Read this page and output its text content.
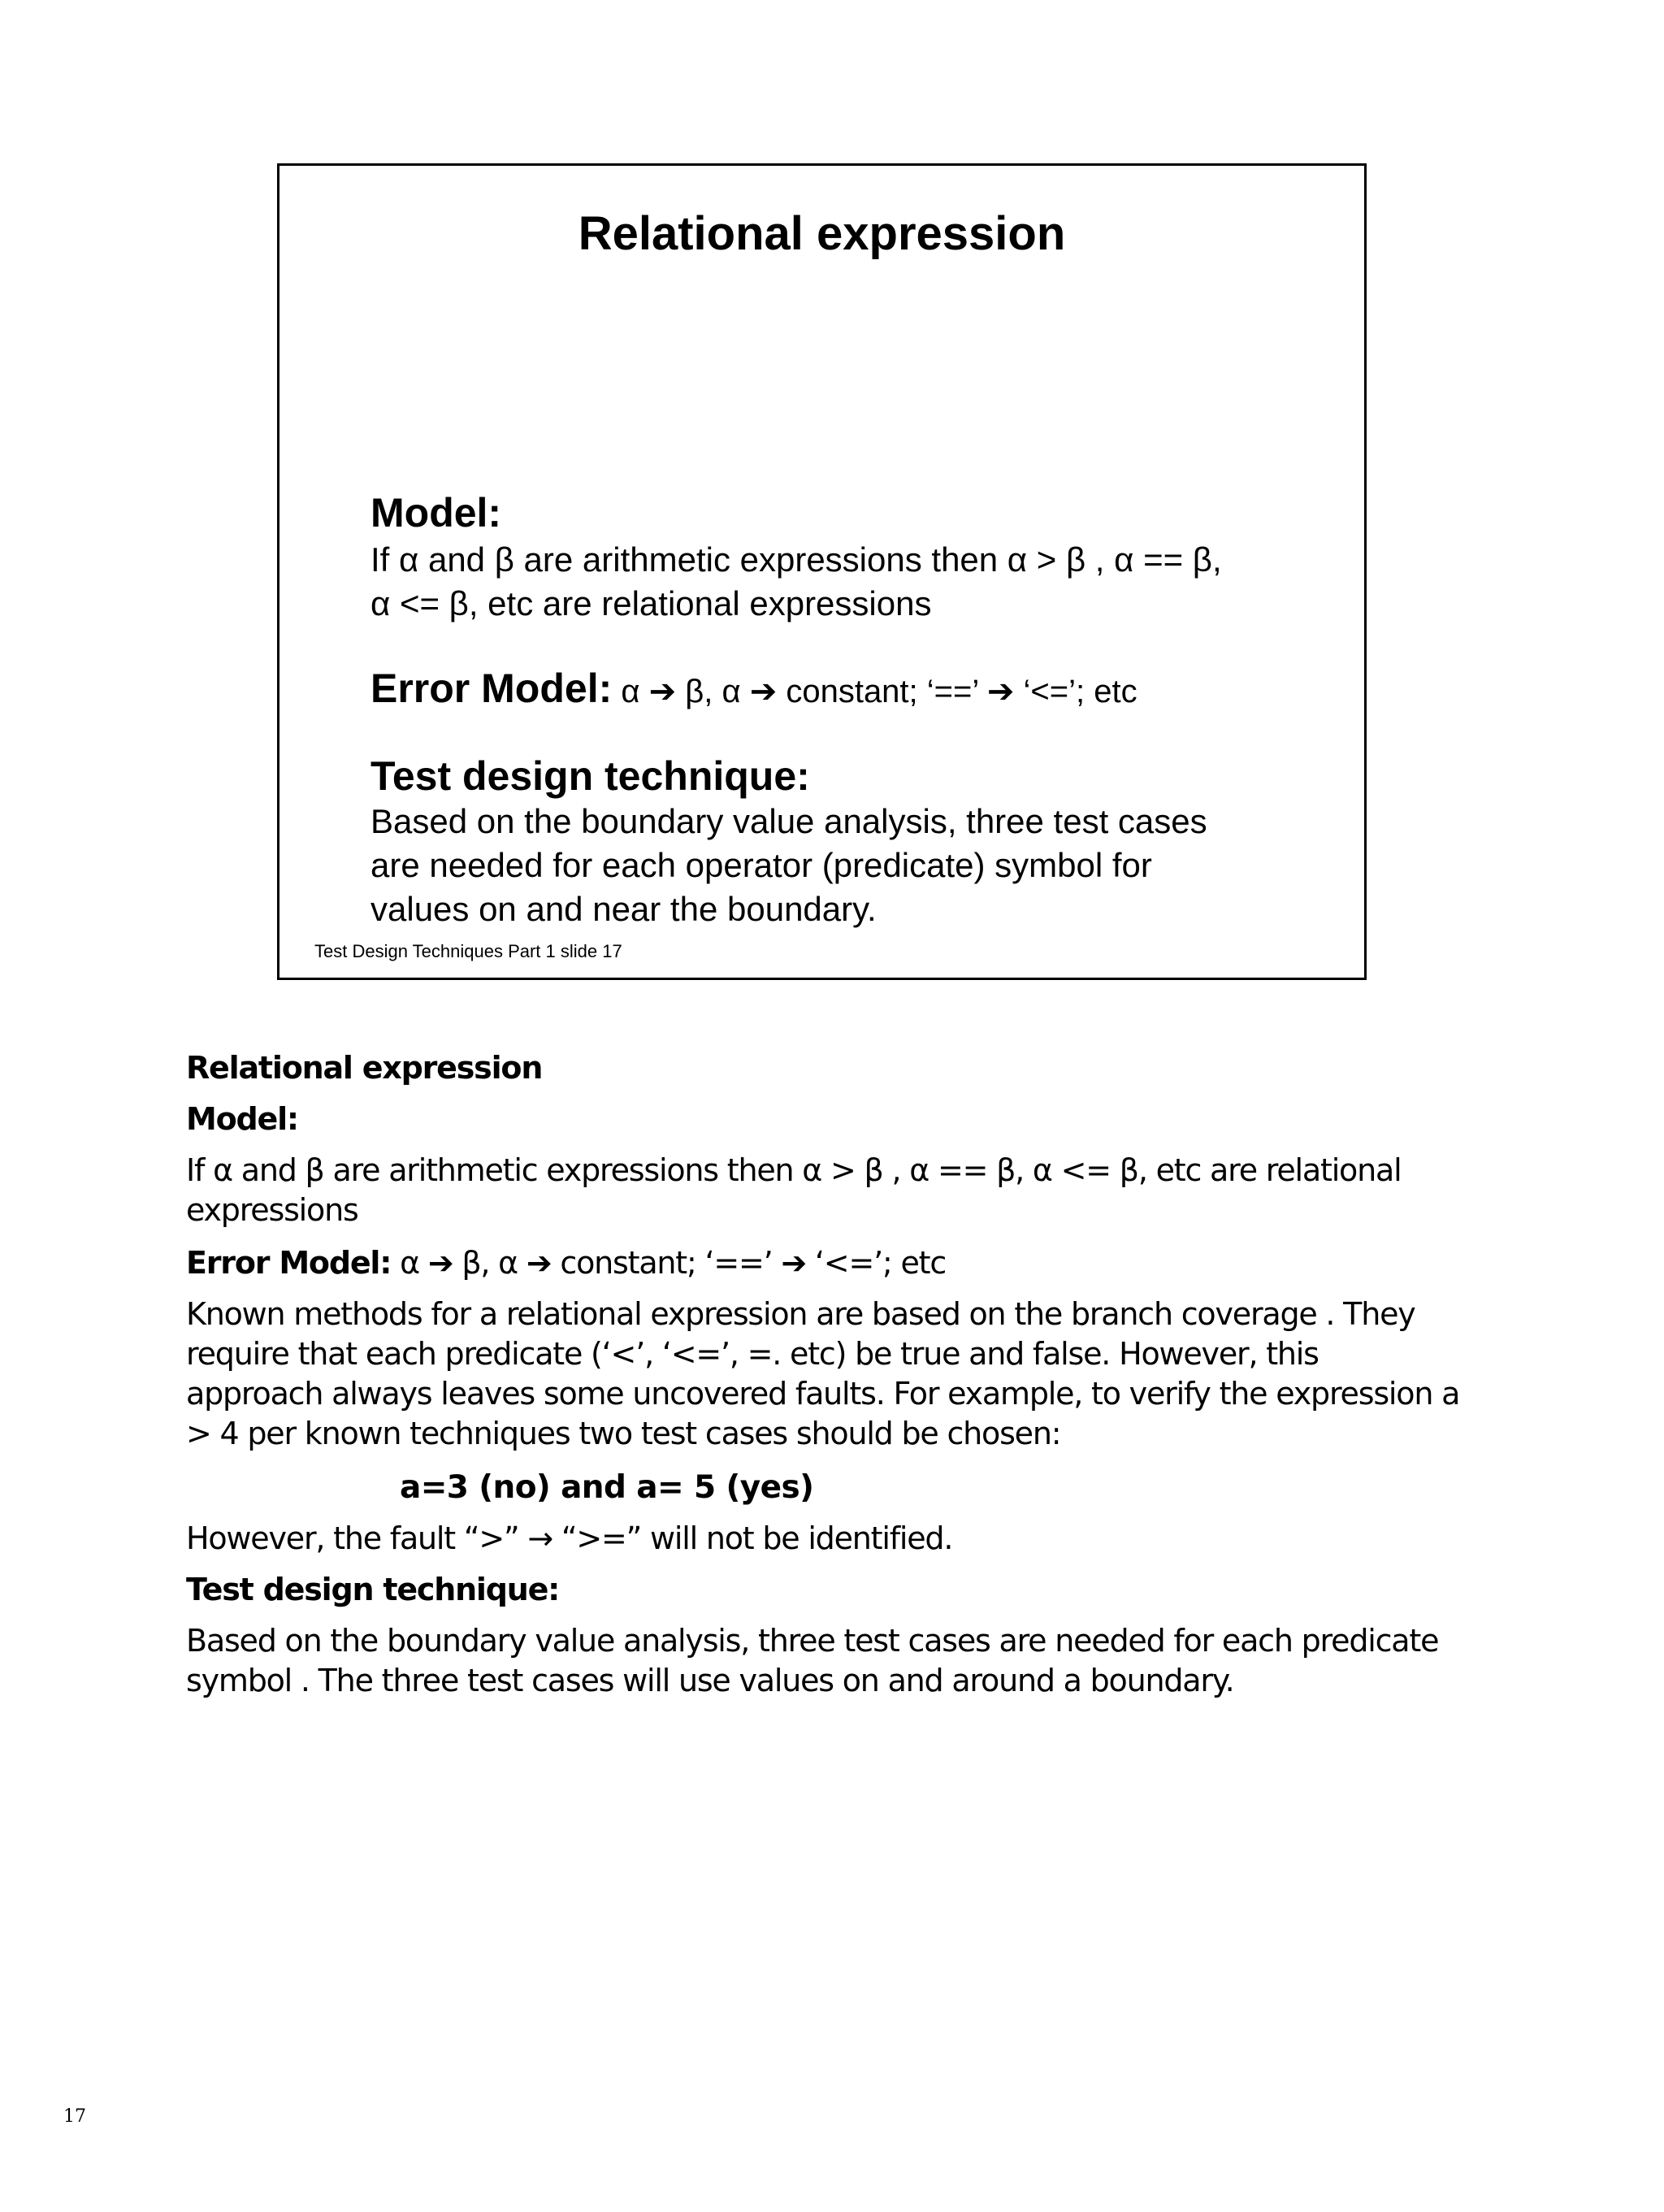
Relational expression
Model:
If α and β are arithmetic expressions then α > β , α == β,
α <= β, etc are relational expressions
Error Model: α ➔ β, α ➔ constant; ‘==’ ➔ ‘<=’; etc
Test design technique:
Based on the boundary value analysis, three test cases
are needed for each operator (predicate) symbol for
values on and near the boundary.
Test Design Techniques Part 1 slide 17
Relational expression
Model:
If α and β are arithmetic expressions then α > β , α == β, α <= β, etc are relational
expressions
Error Model: α ➔ β, α ➔ constant; ‘==’ ➔ ‘<=’; etc
Known methods for a relational expression are based on the branch coverage . They
require that each predicate (‘<’, ‘<=’, =. etc) be true and false. However, this
approach always leaves some uncovered faults. For example, to verify the expression a
> 4 per known techniques two test cases should be chosen:
a=3 (no) and a= 5 (yes)
However, the fault “>” → “>=” will not be identified.
Test design technique:
Based on the boundary value analysis, three test cases are needed for each predicate
symbol . The three test cases will use values on and around a boundary.
17
